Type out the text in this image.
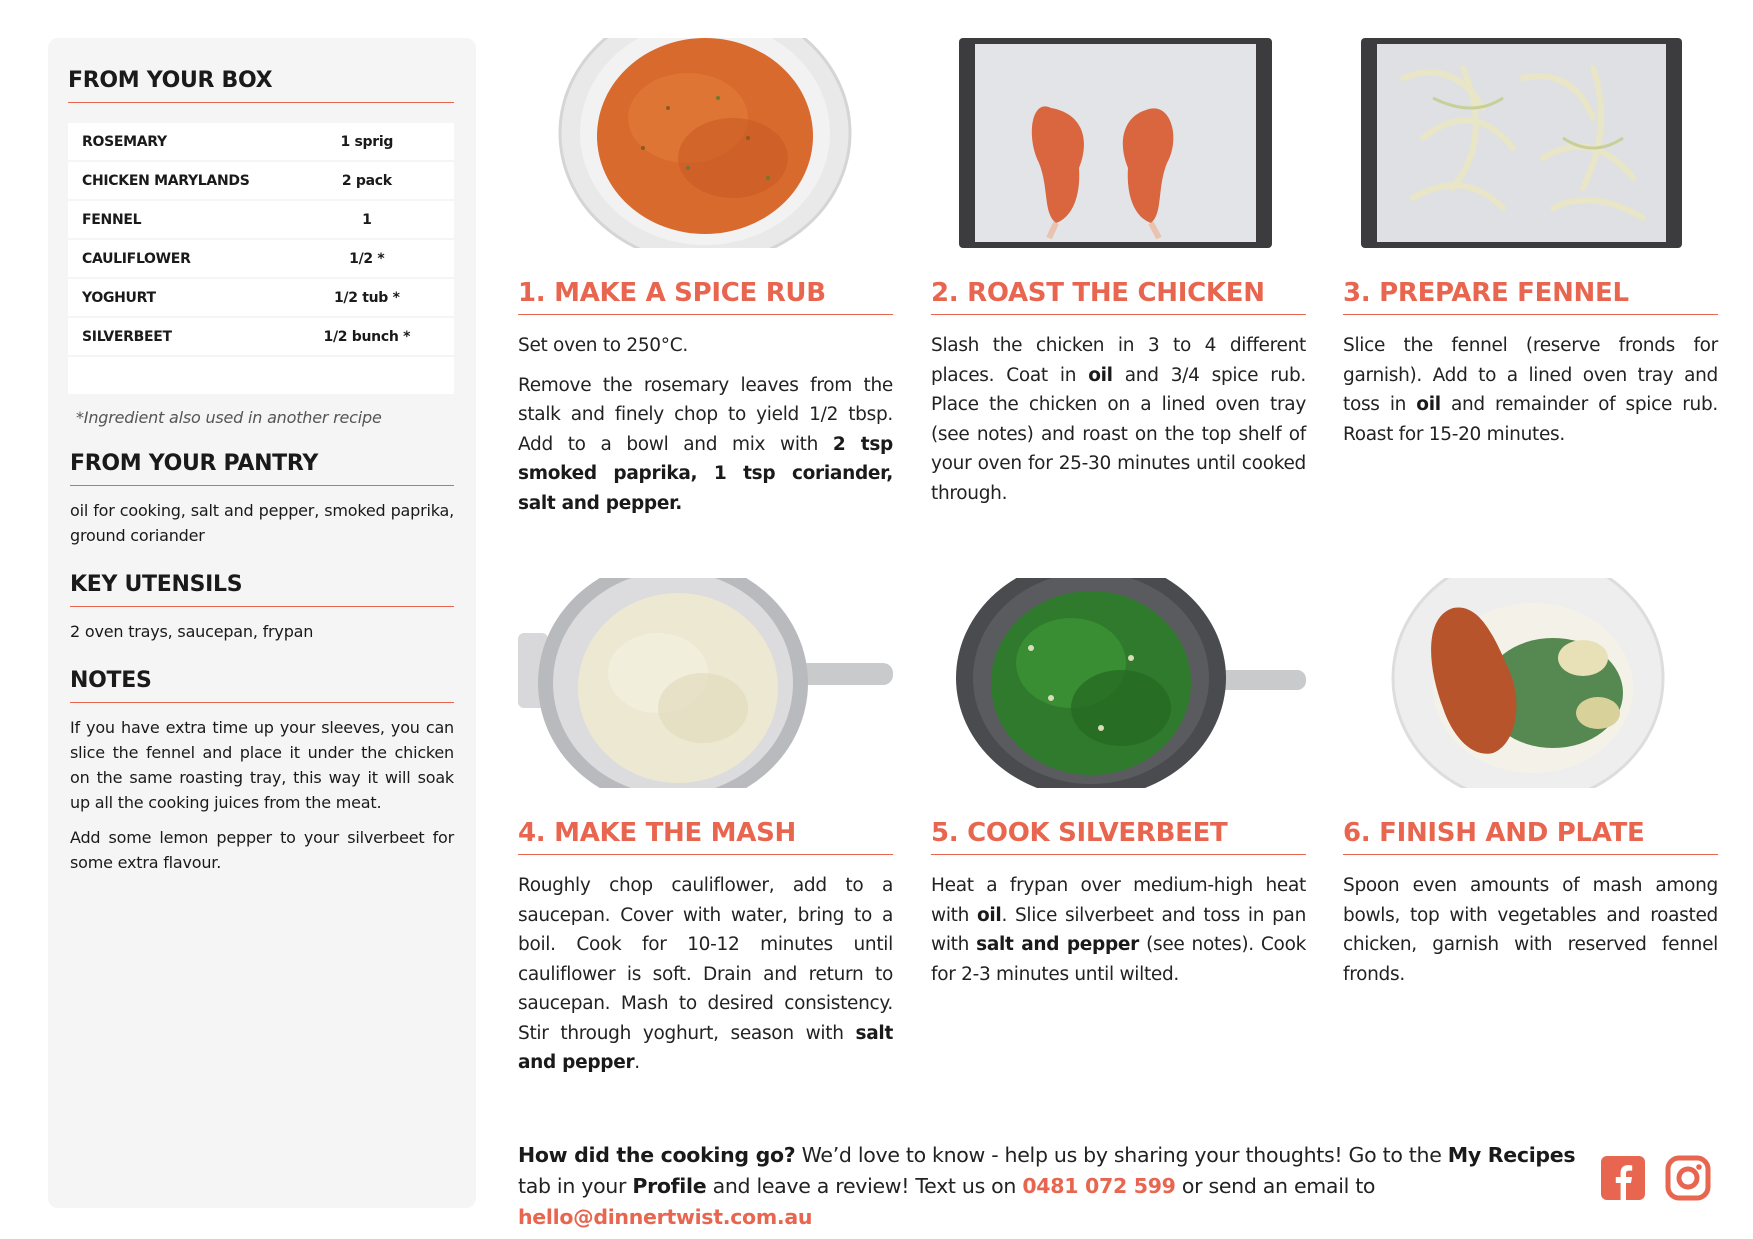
FROM YOUR BOX
ROSEMARY	1 sprig
CHICKEN MARYLANDS	2 pack
FENNEL	1
CAULIFLOWER	1/2 *
YOGHURT	1/2 tub *
SILVERBEET	1/2 bunch *

*Ingredient also used in another recipe
FROM YOUR PANTRY
oil for cooking, salt and pepper, smoked paprika, ground coriander
KEY UTENSILS
2 oven trays, saucepan, frypan
NOTES
If you have extra time up your sleeves, you can slice the fennel and place it under the chicken on the same roasting tray, this way it will soak up all the cooking juices from the meat.
Add some lemon pepper to your silverbeet for some extra flavour.
1. MAKE A SPICE RUB

Set oven to 250°C.

Remove the rosemary leaves from the stalk and finely chop to yield 1/2 tbsp. Add to a bowl and mix with 2 tsp smoked paprika, 1 tsp coriander, salt and pepper.

2. ROAST THE CHICKEN

Slash the chicken in 3 to 4 different places. Coat in oil and 3/4 spice rub. Place the chicken on a lined oven tray (see notes) and roast on the top shelf of your oven for 25-30 minutes until cooked through.

3. PREPARE FENNEL

Slice the fennel (reserve fronds for garnish). Add to a lined oven tray and toss in oil and remainder of spice rub. Roast for 15-20 minutes.

4. MAKE THE MASH

Roughly chop cauliflower, add to a saucepan. Cover with water, bring to a boil. Cook for 10-12 minutes until cauliflower is soft. Drain and return to saucepan. Mash to desired consistency. Stir through yoghurt, season with salt and pepper.

5. COOK SILVERBEET

Heat a frypan over medium-high heat with oil. Slice silverbeet and toss in pan with salt and pepper (see notes). Cook for 2-3 minutes until wilted.

6. FINISH AND PLATE

Spoon even amounts of mash among bowls, top with vegetables and roasted chicken, garnish with reserved fennel fronds.

How did the cooking go? We’d love to know - help us by sharing your thoughts! Go to the My Recipes tab in your Profile and leave a review! Text us on 0481 072 599 or send an email to hello@dinnertwist.com.au
